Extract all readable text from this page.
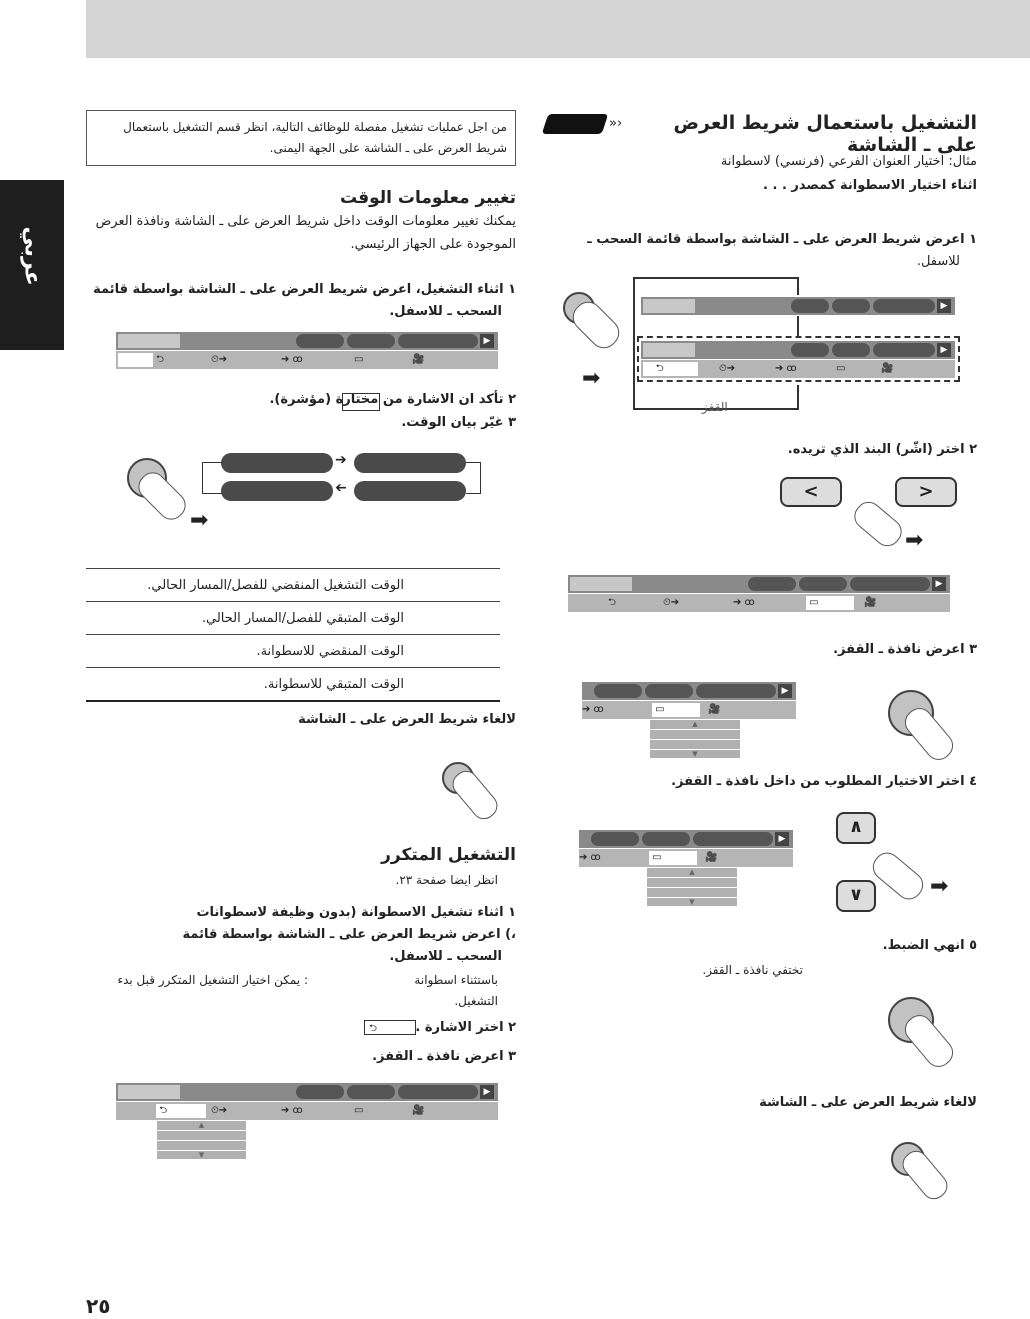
عربي
»›	التشغيل باستعمال شريط العرض على ـ الشاشة
مثال: اختيار العنوان الفرعي (فرنسي) لاسطوانة
اثناء اختيار الاسطوانة كمصدر . . .
١ اعرض شريط العرض على ـ الشاشة بواسطة قائمة السحب ـ
للاسفل.
القفز
▶
▶
⮌	⏲➔	➔ ꝏ	▭	🎥
➡
٢ اختر (اشّر) البند الذي تريده.
<	>
➡
▶
⮌	⏲➔	➔ ꝏ	▭	🎥
٣ اعرض نافذة ـ القفز.
▶
➔ ꝏ	▭	🎥
▲
▼
٤ اختر الاختيار المطلوب من داخل نافذة ـ القفز.
▶
➔ ꝏ	▭	🎥
▲
▼
∧
∨	➡
٥ انهي الضبط.
تختفي نافذة ـ القفز.
لالغاء شريط العرض على ـ الشاشة
من اجل عمليات تشغيل مفصلة للوظائف التالية، انظر قسم التشغيل باستعمال
شريط العرض على ـ الشاشة على الجهة اليمنى.
تغيير معلومات الوقت
يمكنك تغيير معلومات الوقت داخل شريط العرض على ـ الشاشة ونافذة العرض
الموجودة على الجهاز الرئيسي.
١ اثناء التشغيل، اعرض شريط العرض على ـ الشاشة بواسطة قائمة
السحب ـ للاسفل.
▶
⮌	⏲➔	➔ ꝏ	▭	🎥
٢ تأكد ان الاشارة من مختارة (مؤشرة).
٣ غيّر بيان الوقت.
➔
➔
➡
الوقت التشغيل المنقضي للفصل/المسار الحالي.
الوقت المتبقي للفصل/المسار الحالي.
الوقت المنقضي للاسطوانة.
الوقت المتبقي للاسطوانة.
لالغاء شريط العرض على ـ الشاشة
التشغيل المتكرر
انظر ايضا صفحة ٢٣.
١ اثناء تشغيل الاسطوانة (بدون وظيفة لاسطوانات
،) اعرض شريط العرض على ـ الشاشة بواسطة قائمة
السحب ـ للاسفل.
باستثناء اسطوانة
: يمكن اختيار التشغيل المتكرر قبل بدء
التشغيل.
٢ اختر الاشارة .
⮌
٣ اعرض نافذة ـ القفز.
▶
⮌	⏲➔	➔ ꝏ	▭	🎥
▲
▼
٢٥
